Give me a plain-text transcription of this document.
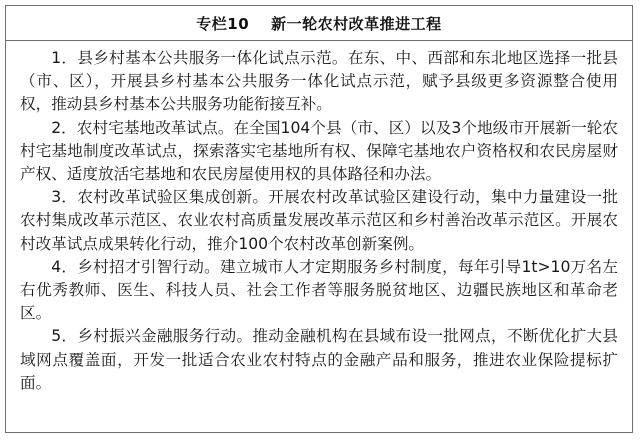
专栏10 新一轮农村改革推进工程

1．县乡村基本公共服务一体化试点示范。在东、中、西部和东北地区选择一批县（市、区），开展县乡村基本公共服务一体化试点示范，赋予县级更多资源整合使用权，推动县乡村基本公共服务功能衔接互补。

2．农村宅基地改革试点。在全国104个县（市、区）以及3个地级市开展新一轮农村宅基地制度改革试点，探索落实宅基地所有权、保障宅基地农户资格权和农民房屋财产权、适度放活宅基地和农民房屋使用权的具体路径和办法。

3．农村改革试验区集成创新。开展农村改革试验区建设行动，集中力量建设一批农村集成改革示范区、农业农村高质量发展改革示范区和乡村善治改革示范区。开展农村改革试点成果转化行动，推介100个农村改革创新案例。

4．乡村招才引智行动。建立城市人才定期服务乡村制度，每年引导1t>10万名左右优秀教师、医生、科技人员、社会工作者等服务脱贫地区、边疆民族地区和革命老区。

5．乡村振兴金融服务行动。推动金融机构在县域布设一批网点，不断优化扩大县域网点覆盖面，开发一批适合农业农村特点的金融产品和服务，推进农业保险提标扩面。
